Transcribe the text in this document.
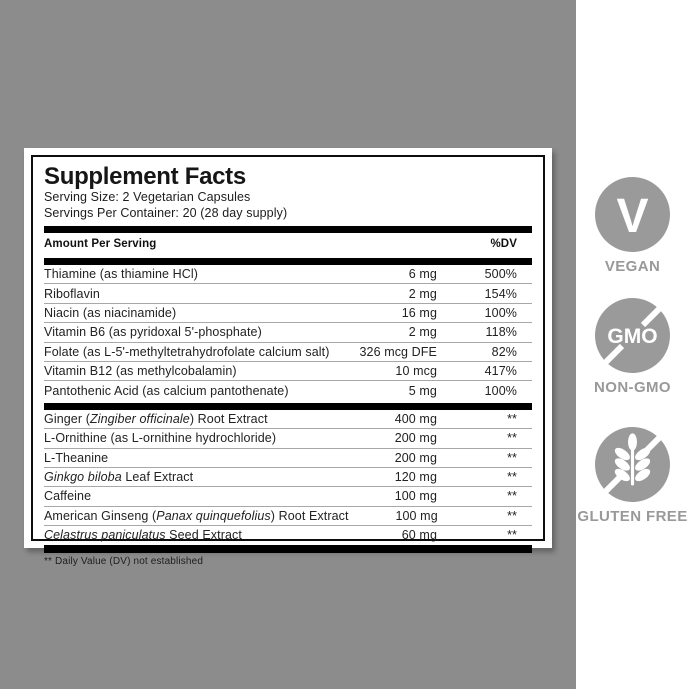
Supplement Facts
Serving Size: 2 Vegetarian Capsules
Servings Per Container: 20 (28 day supply)
Amount Per Serving	%DV
Thiamine (as thiamine HCl)	6 mg	500%
Riboflavin	2 mg	154%
Niacin (as niacinamide)	16 mg	100%
Vitamin B6 (as pyridoxal 5'-phosphate)	2 mg	118%
Folate (as L-5'-methyltetrahydrofolate calcium salt)	326 mcg DFE	82%
Vitamin B12 (as methylcobalamin)	10 mcg	417%
Pantothenic Acid (as calcium pantothenate)	5 mg	100%
Ginger (Zingiber officinale) Root Extract	400 mg	**
L-Ornithine (as L-ornithine hydrochloride)	200 mg	**
L-Theanine	200 mg	**
Ginkgo biloba Leaf Extract	120 mg	**
Caffeine	100 mg	**
American Ginseng (Panax quinquefolius) Root Extract	100 mg	**
Celastrus paniculatus Seed Extract	60 mg	**
** Daily Value (DV) not established
V
VEGAN
GMO
NON-GMO
GLUTEN FREE
